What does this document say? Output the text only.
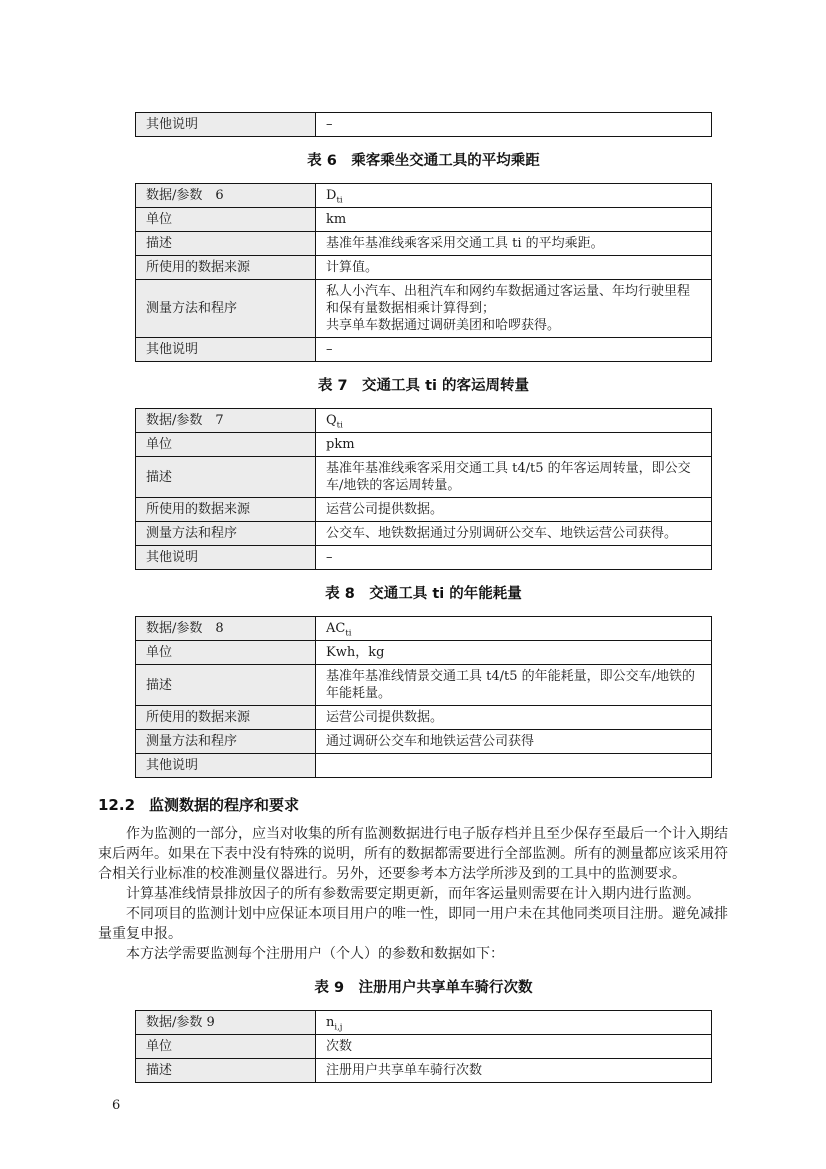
其他说明	–
表 6　乘客乘坐交通工具的平均乘距
数据/参数　6	$D_{ti}$
单位	km
描述	基准年基准线乘客采用交通工具 ti 的平均乘距。
所使用的数据来源	计算值。
测量方法和程序	私人小汽车、出租汽车和网约车数据通过客运量、年均行驶里程和保有量数据相乘计算得到；
共享单车数据通过调研美团和哈啰获得。

其他说明	–
表 7　交通工具 ti 的客运周转量
数据/参数　7	$Q_{ti}$
单位	pkm
描述	基准年基准线乘客采用交通工具 t4/t5 的年客运周转量，即公交车/地铁的客运周转量。
所使用的数据来源	运营公司提供数据。
测量方法和程序	公交车、地铁数据通过分别调研公交车、地铁运营公司获得。
其他说明	–
表 8　交通工具 ti 的年能耗量
数据/参数　8	$AC_{ti}$
单位	Kwh，kg
描述	基准年基准线情景交通工具 t4/t5 的年能耗量，即公交车/地铁的年能耗量。
所使用的数据来源	运营公司提供数据。
测量方法和程序	通过调研公交车和地铁运营公司获得
其他说明	
12.2 监测数据的程序和要求

作为监测的一部分，应当对收集的所有监测数据进行电子版存档并且至少保存至最后一个计入期结束后两年。如果在下表中没有特殊的说明，所有的数据都需要进行全部监测。所有的测量都应该采用符合相关行业标准的校准测量仪器进行。另外，还要参考本方法学所涉及到的工具中的监测要求。

计算基准线情景排放因子的所有参数需要定期更新，而年客运量则需要在计入期内进行监测。

不同项目的监测计划中应保证本项目用户的唯一性，即同一用户未在其他同类项目注册。避免减排量重复申报。

本方法学需要监测每个注册用户（个人）的参数和数据如下：

表 9　注册用户共享单车骑行次数
数据/参数 9	$n_{i,j}$
单位	次数
描述	注册用户共享单车骑行次数
6
